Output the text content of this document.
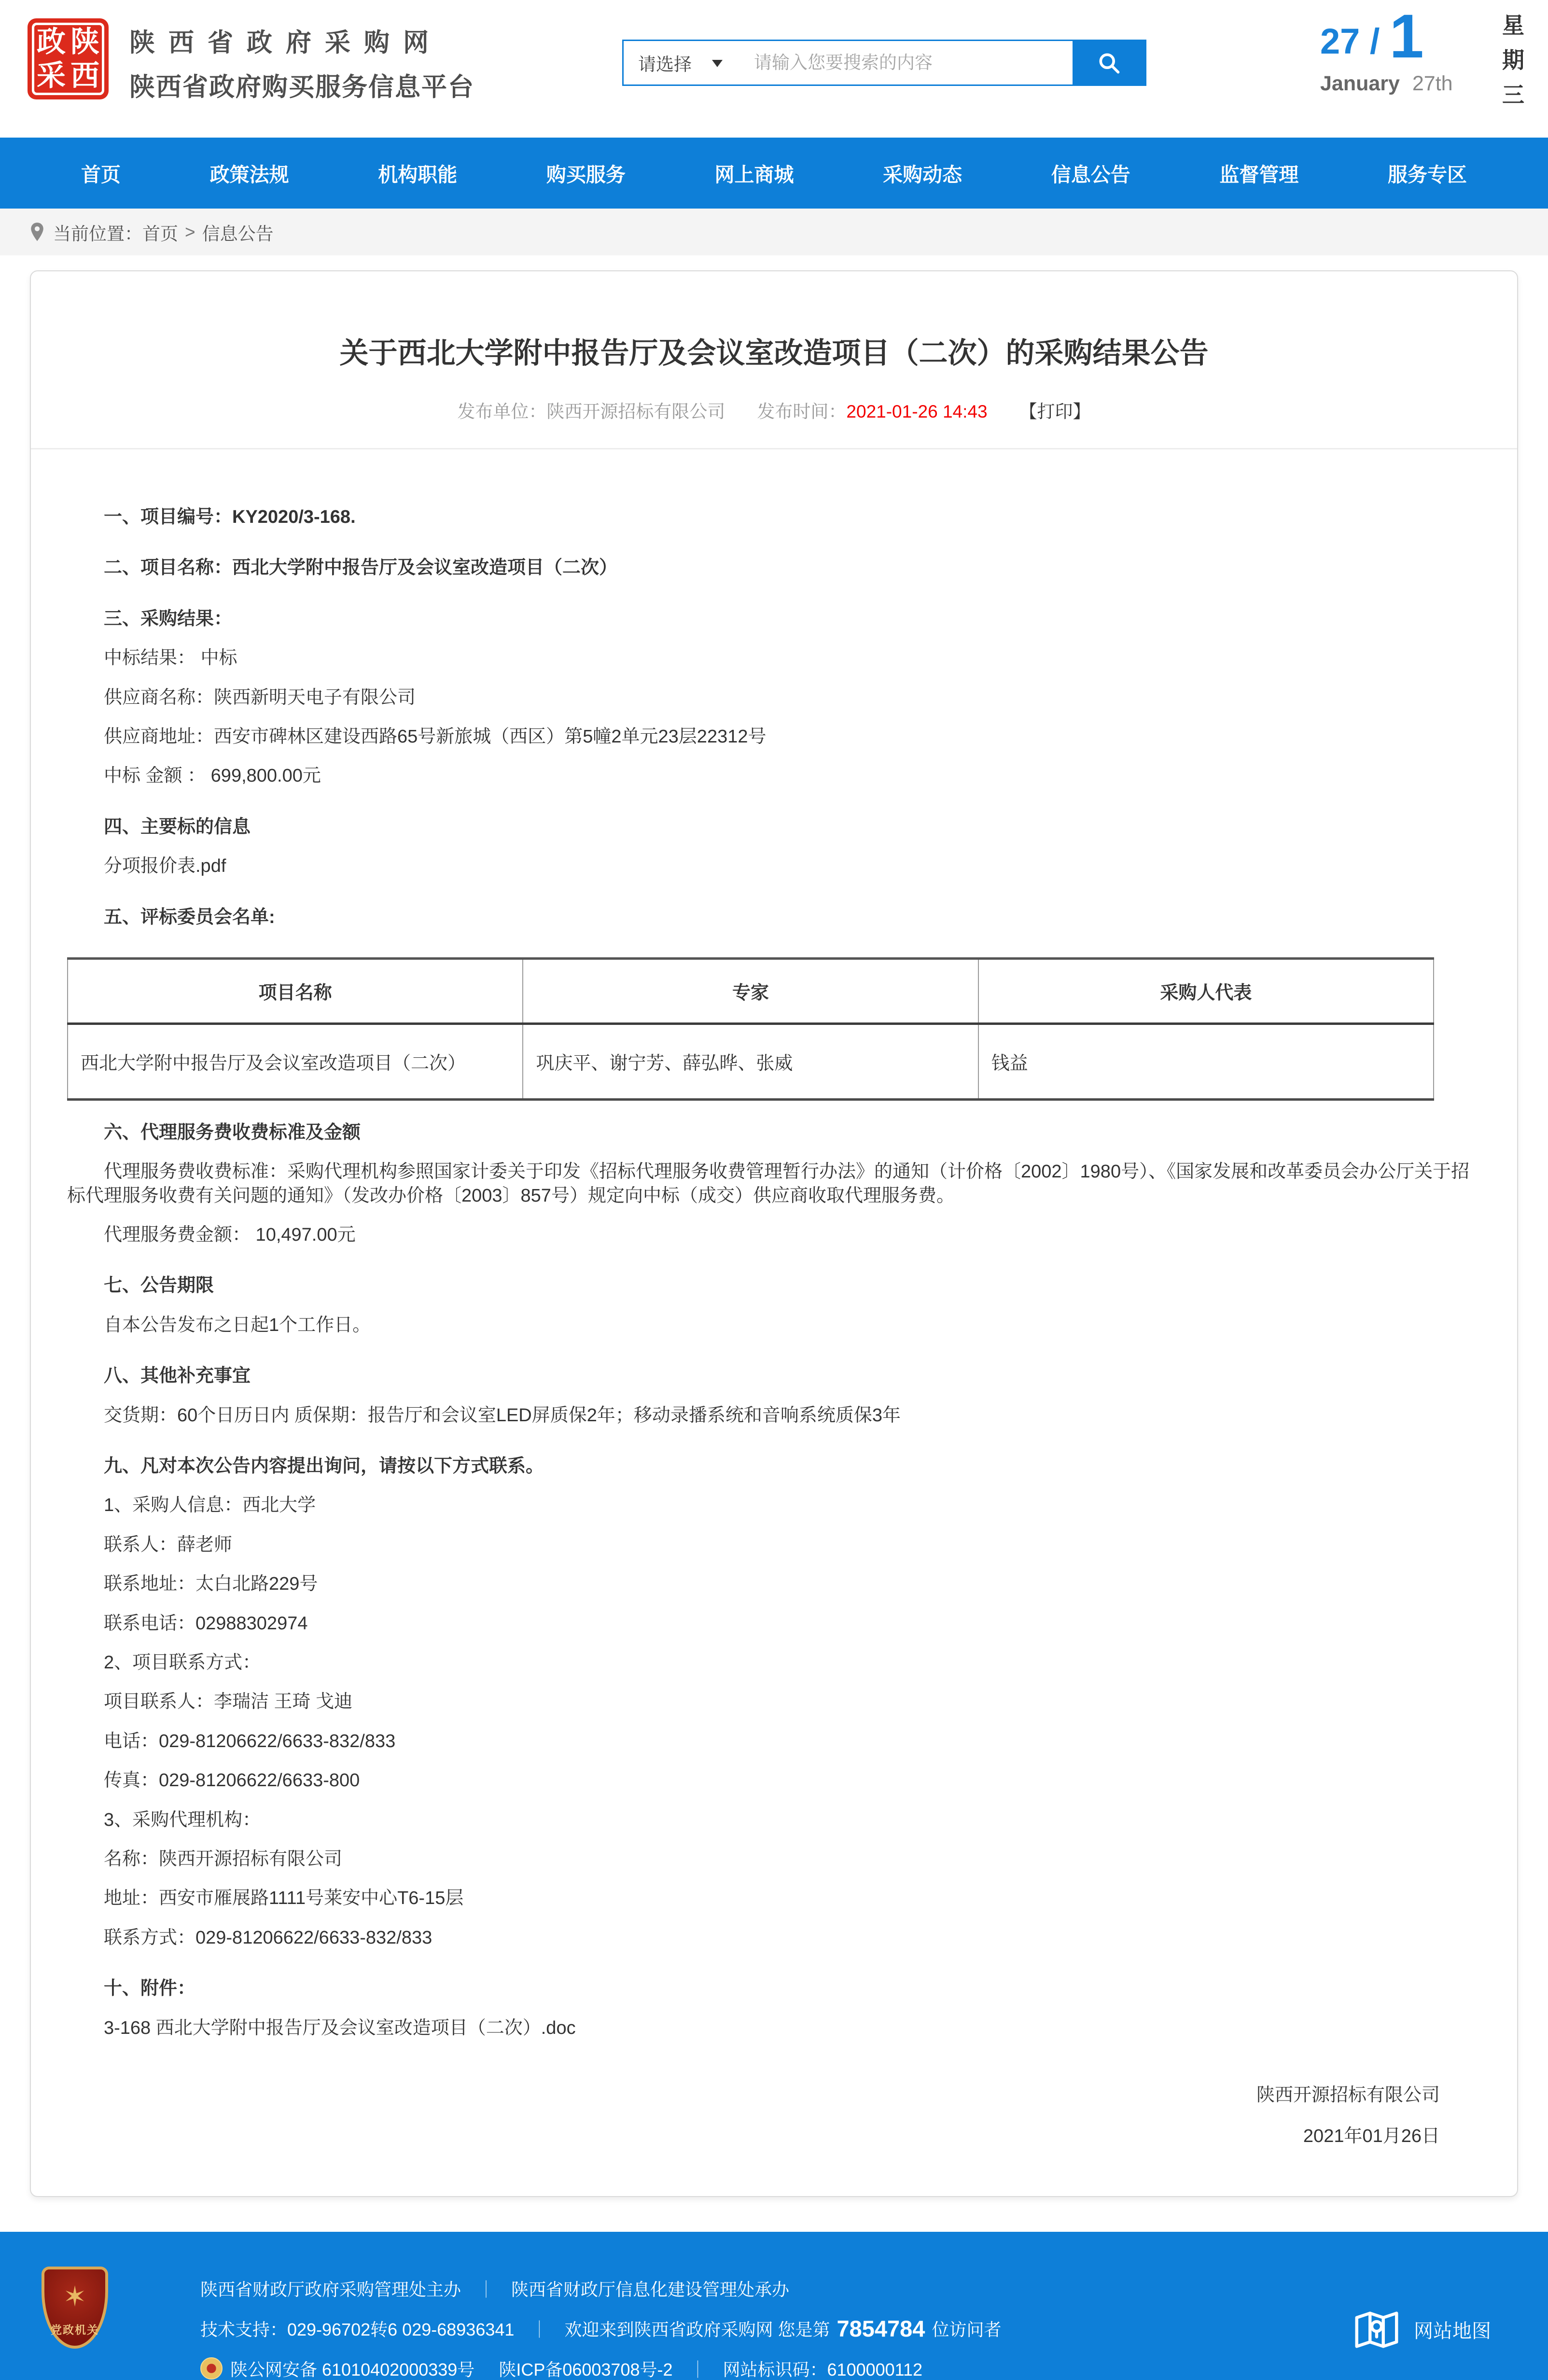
政 陕
采 西
陕西省政府采购网
陕西省政府购买服务信息平台
请选择
请输入您要搜索的内容
27 / 1
January 27th	星期三
首页	政策法规	机构职能	购买服务	网上商城	采购动态	信息公告	监督管理	服务专区
当前位置： 首页 > 信息公告
关于西北大学附中报告厅及会议室改造项目（二次）的采购结果公告
发布单位：陕西开源招标有限公司 发布时间：2021-01-26 14:43 【打印】

一、项目编号：KY2020/3-168.

二、项目名称：西北大学附中报告厅及会议室改造项目（二次）

三、采购结果：

中标结果： 中标

供应商名称：陕西新明天电子有限公司

供应商地址：西安市碑林区建设西路65号新旅城（西区）第5幢2单元23层22312号

中标 金额 ： 699,800.00元

四、主要标的信息

分项报价表.pdf

五、评标委员会名单:

项目名称	专家	采购人代表
西北大学附中报告厅及会议室改造项目（二次）	巩庆平、谢宁芳、薛弘晔、张威	钱益

六、代理服务费收费标准及金额

代理服务费收费标准：采购代理机构参照国家计委关于印发《招标代理服务收费管理暂行办法》的通知（计价格〔2002〕1980号）、《国家发展和改革委员会办公厅关于招标代理服务收费有关问题的通知》（发改办价格〔2003〕857号）规定向中标（成交）供应商收取代理服务费。

代理服务费金额： 10,497.00元

七、公告期限

自本公告发布之日起1个工作日。

八、其他补充事宜

交货期：60个日历日内 质保期：报告厅和会议室LED屏质保2年；移动录播系统和音响系统质保3年

九、凡对本次公告内容提出询问，请按以下方式联系。

1、采购人信息：西北大学

联系人：薛老师

联系地址：太白北路229号

联系电话：02988302974

2、项目联系方式：

项目联系人：李瑞洁 王琦 戈迪

电话：029-81206622/6633-832/833

传真：029-81206622/6633-800

3、采购代理机构：

名称：陕西开源招标有限公司

地址：西安市雁展路1111号莱安中心T6-15层

联系方式：029-81206622/6633-832/833

十、附件：

3-168 西北大学附中报告厅及会议室改造项目（二次）.doc

陕西开源招标有限公司

2021年01月26日

✶
党政机关
陕西省财政厅政府采购管理处主办 ｜ 陕西省财政厅信息化建设管理处承办
技术支持：029-96702转6 029-68936341 ｜ 欢迎来到陕西省政府采购网 您是第 7854784 位访问者
陕公网安备 61010402000339号 陕ICP备06003708号-2 ｜ 网站标识码：6100000112
网站地图
